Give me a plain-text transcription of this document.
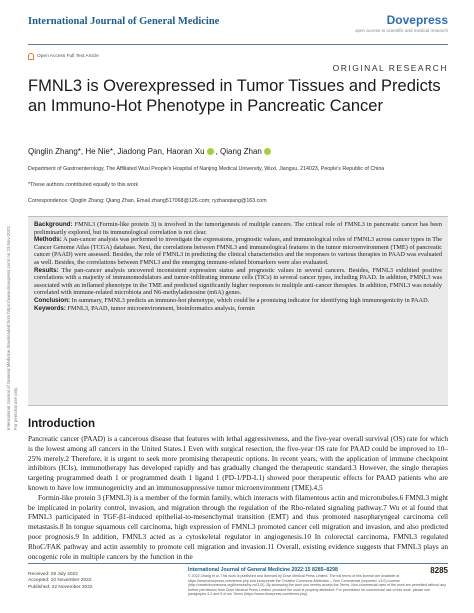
International Journal of General Medicine	Dovepress
open access to scientific and medical research
Open Access Full Text Article
ORIGINAL RESEARCH
FMNL3 is Overexpressed in Tumor Tissues and Predicts an Immuno-Hot Phenotype in Pancreatic Cancer
Qinglin Zhang* , He Nie* , Jiadong Pan , Haoran Xu , Qiang Zhan
Department of Gastroenterology, The Affiliated Wuxi People's Hospital of Nanjing Medical University, Wuxi, Jiangsu, 214023, People's Republic of China
*These authors contributed equally to this work
Correspondence: Qinglin Zhang; Qiang Zhan, Email zhang517068@126.com; ryzhanqiang@163.com

Background: FMNL3 (Formin-like protein 3) is involved in the tumorigenesis of multiple cancers. The critical role of FMNL3 in pancreatic cancer has been preliminarily explored, but its immunological correlation is not clear.

Methods: A pan-cancer analysis was performed to investigate the expressions, prognostic values, and immunological roles of FMNL3 across cancer types in The Cancer Genome Atlas (TCGA) database. Next, the correlations between FMNL3 and immunological features in the tumor microenvironment (TME) of pancreatic cancer (PAAD) were assessed. Besides, the role of FMNL3 in predicting the clinical characteristics and the responses to various therapies in PAAD was evaluated as well. Besides, the correlations between FMNL3 and the emerging immune-related biomarkers were also evaluated.

Results: The pan-cancer analysis uncovered inconsistent expression status and prognostic values in several cancers. Besides, FMNL3 exhibited positive correlations with a majority of immunomodulators and tumor-infiltrating immune cells (TICs) in several cancer types, including PAAD. In addition, FMNL3 was associated with an inflamed phenotype in the TME and predicted significantly higher responses to multiple anti-cancer therapies. In addition, FMNL3 was notably correlated with immune-related microbiota and N6-methyladenosine (m6A) genes.

Conclusion: In summary, FMNL3 predicts an immuno-hot phenotype, which could be a promising indicator for identifying high immunogenicity in PAAD.

Keywords: FMNL3, PAAD, tumor microenvironment, bioinformatics analysis, formin

Introduction

Pancreatic cancer (PAAD) is a cancerous disease that features with lethal aggressiveness, and the five-year overall survival (OS) rate for which is the lowest among all cancers in the United States.1 Even with surgical resection, the five-year OS rate for PAAD could be improved to 10–25% merely.2 Therefore, it is urgent to seek more promising therapeutic options. In recent years, with the application of immune checkpoint inhibitors (ICIs), immunotherapy has developed rapidly and has gradually changed the therapeutic standard.3 However, the single therapies targeting programmed death 1 or programmed death 1 ligand 1 (PD-1/PD-L1) showed poor therapeutic effects for PAAD patients who are known to have low immunogenicity and an immunosuppressive tumor microenvironment (TME).4,5

Formin-like protein 3 (FMNL3) is a member of the formin family, which interacts with filamentous actin and microtubules.6 FMNL3 might be implicated in polarity control, invasion, and migration through the regulation of the Rho-related signaling pathway.7 Wu et al found that FMNL3 participated in TGF-β1-induced epithelial-to-mesenchymal transition (EMT) and thus promoted nasopharyngeal carcinoma cell metastasis.8 In tongue squamous cell carcinoma, high expression of FMNL3 promoted cancer cell migration and invasion, and also predicted poor prognosis.9 In addition, FMNL3 acted as a cytoskeletal regulator in angiogenesis.10 In colorectal carcinoma, FMNL3 regulated RhoC/FAK pathway and actin assembly to promote cell migration and invasion.11 Overall, existing evidence suggests that FMNL3 plays an oncogenic role in multiple cancers by the function in the

International Journal of General Medicine downloaded from https://www.dovepress.com/ on 23-Nov-2022 For personal use only.
Received: 29 July 2022
Accepted: 10 November 2022
Published: 22 November 2022
International Journal of General Medicine 2022:15 8285–8298	8285
© 2022 Zhang et al. This work is published and licensed by Dove Medical Press Limited. The full terms of this license are available at https://www.dovepress.com/terms.php and incorporate the Creative Commons Attribution – Non Commercial (unported, v3.0) License (http://creativecommons.org/licenses/by-nc/3.0/). By accessing the work you hereby accept the Terms. Non-commercial uses of the work are permitted without any further permission from Dove Medical Press Limited, provided the work is properly attributed. For permission for commercial use of this work, please see paragraphs 4.2 and 5 of our Terms (https://www.dovepress.com/terms.php).
